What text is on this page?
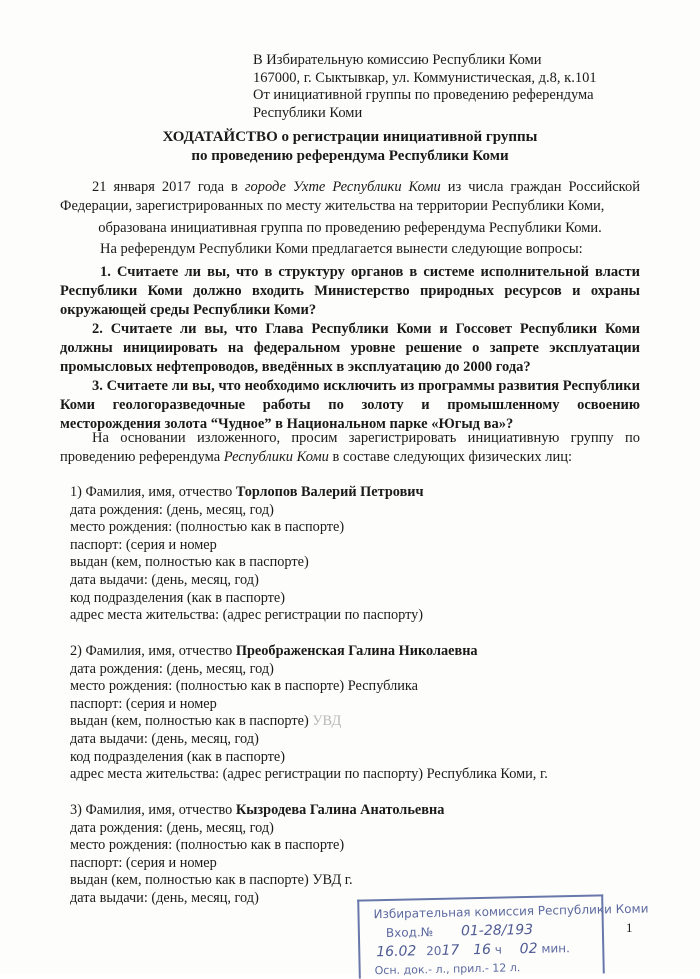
В Избирательную комиссию Республики Коми
167000, г. Сыктывкар, ул. Коммунистическая, д.8, к.101
От инициативной группы по проведению референдума
Республики Коми
ХОДАТАЙСТВО о регистрации инициативной группы
по проведению референдума Республики Коми
21 января 2017 года в городе Ухте Республики Коми из числа граждан Российской Федерации, зарегистрированных по месту жительства на территории Республики Коми,
образована инициативная группа по проведению референдума Республики Коми.
На референдум Республики Коми предлагается вынести следующие вопросы:
1. Считаете ли вы, что в структуру органов в системе исполнительной власти Республики Коми должно входить Министерство природных ресурсов и охраны окружающей среды Республики Коми?
2. Считаете ли вы, что Глава Республики Коми и Госсовет Республики Коми должны инициировать на федеральном уровне решение о запрете эксплуатации промысловых нефтепроводов, введённых в эксплуатацию до 2000 года?
3. Считаете ли вы, что необходимо исключить из программы развития Республики Коми геологоразведочные работы по золоту и промышленному освоению месторождения золота “Чудное” в Национальном парке «Югыд ва»?
На основании изложенного, просим зарегистрировать инициативную группу по проведению референдума Республики Коми в составе следующих физических лиц:
1) Фамилия, имя, отчество Торлопов Валерий Петрович
дата рождения: (день, месяц, год)
место рождения: (полностью как в паспорте)
паспорт: (серия и номер
выдан (кем, полностью как в паспорте)
дата выдачи: (день, месяц, год)
код подразделения (как в паспорте)
адрес места жительства: (адрес регистрации по паспорту)
2) Фамилия, имя, отчество Преображенская Галина Николаевна
дата рождения: (день, месяц, год)
место рождения: (полностью как в паспорте) Республика
паспорт: (серия и номер
выдан (кем, полностью как в паспорте) УВД
дата выдачи: (день, месяц, год)
код подразделения (как в паспорте)
адрес места жительства: (адрес регистрации по паспорту) Республика Коми, г.
3) Фамилия, имя, отчество Кызродева Галина Анатольевна
дата рождения: (день, месяц, год)
место рождения: (полностью как в паспорте)
паспорт: (серия и номер
выдан (кем, полностью как в паспорте) УВД г.
дата выдачи: (день, месяц, год)
Избирательная комиссия Республики Коми
Вход.№ 01-28/193
16.02 2017 16 ч 02 мин.
Осн. док.- л., прил.- 12 л.
1
